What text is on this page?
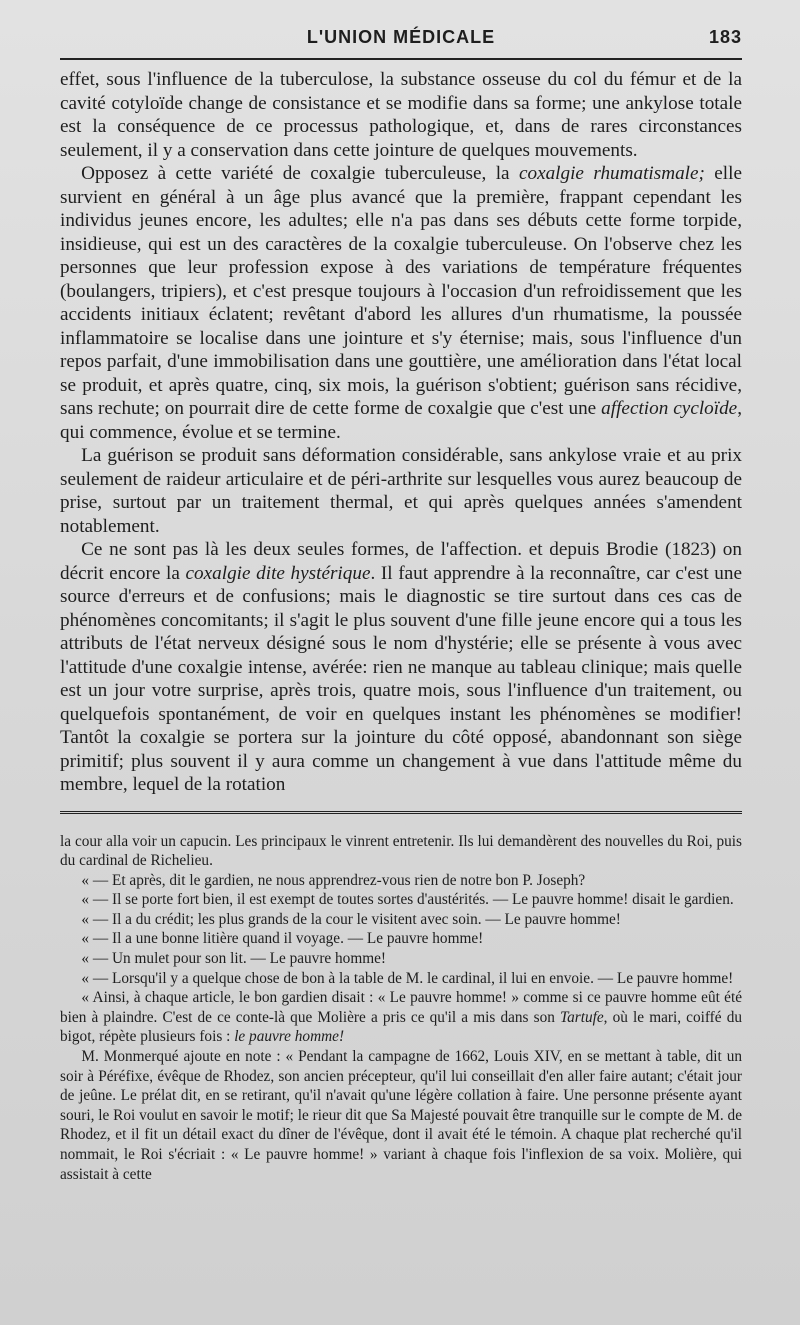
L'UNION MÉDICALE	183

effet, sous l'influence de la tuberculose, la substance osseuse du col du fémur et de la cavité cotyloïde change de consistance et se modifie dans sa forme; une ankylose totale est la conséquence de ce processus pathologique, et, dans de rares circonstances seulement, il y a conservation dans cette jointure de quelques mouvements.

Opposez à cette variété de coxalgie tuberculeuse, la coxalgie rhumatismale; elle survient en général à un âge plus avancé que la première, frappant cependant les individus jeunes encore, les adultes; elle n'a pas dans ses débuts cette forme torpide, insidieuse, qui est un des caractères de la coxalgie tuberculeuse. On l'observe chez les personnes que leur profession expose à des variations de température fréquentes (boulangers, tripiers), et c'est presque toujours à l'occasion d'un refroidissement que les accidents initiaux éclatent; revêtant d'abord les allures d'un rhumatisme, la poussée inflammatoire se localise dans une jointure et s'y éternise; mais, sous l'influence d'un repos parfait, d'une immobilisation dans une gouttière, une amélioration dans l'état local se produit, et après quatre, cinq, six mois, la guérison s'obtient; guérison sans récidive, sans rechute; on pourrait dire de cette forme de coxalgie que c'est une affection cycloïde, qui commence, évolue et se termine.

La guérison se produit sans déformation considérable, sans ankylose vraie et au prix seulement de raideur articulaire et de péri-arthrite sur lesquelles vous aurez beaucoup de prise, surtout par un traitement thermal, et qui après quelques années s'amendent notablement.

Ce ne sont pas là les deux seules formes, de l'affection. et depuis Brodie (1823) on décrit encore la coxalgie dite hystérique. Il faut apprendre à la reconnaître, car c'est une source d'erreurs et de confusions; mais le diagnostic se tire surtout dans ces cas de phénomènes concomitants; il s'agit le plus souvent d'une fille jeune encore qui a tous les attributs de l'état nerveux désigné sous le nom d'hystérie; elle se présente à vous avec l'attitude d'une coxalgie intense, avérée: rien ne manque au tableau clinique; mais quelle est un jour votre surprise, après trois, quatre mois, sous l'influence d'un traitement, ou quelquefois spontanément, de voir en quelques instant les phénomènes se modifier! Tantôt la coxalgie se portera sur la jointure du côté opposé, abandonnant son siège primitif; plus souvent il y aura comme un changement à vue dans l'attitude même du membre, lequel de la rotation

la cour alla voir un capucin. Les principaux le vinrent entretenir. Ils lui demandèrent des nouvelles du Roi, puis du cardinal de Richelieu.

« — Et après, dit le gardien, ne nous apprendrez-vous rien de notre bon P. Joseph?

« — Il se porte fort bien, il est exempt de toutes sortes d'austérités. — Le pauvre homme! disait le gardien.

« — Il a du crédit; les plus grands de la cour le visitent avec soin. — Le pauvre homme!

« — Il a une bonne litière quand il voyage. — Le pauvre homme!

« — Un mulet pour son lit. — Le pauvre homme!

« — Lorsqu'il y a quelque chose de bon à la table de M. le cardinal, il lui en envoie. — Le pauvre homme!

« Ainsi, à chaque article, le bon gardien disait : « Le pauvre homme! » comme si ce pauvre homme eût été bien à plaindre. C'est de ce conte-là que Molière a pris ce qu'il a mis dans son Tartufe, où le mari, coiffé du bigot, répète plusieurs fois : le pauvre homme!

M. Monmerqué ajoute en note : « Pendant la campagne de 1662, Louis XIV, en se mettant à table, dit un soir à Péréfixe, évêque de Rhodez, son ancien précepteur, qu'il lui conseillait d'en aller faire autant; c'était jour de jeûne. Le prélat dit, en se retirant, qu'il n'avait qu'une légère collation à faire. Une personne présente ayant souri, le Roi voulut en savoir le motif; le rieur dit que Sa Majesté pouvait être tranquille sur le compte de M. de Rhodez, et il fit un détail exact du dîner de l'évêque, dont il avait été le témoin. A chaque plat recherché qu'il nommait, le Roi s'écriait : « Le pauvre homme! » variant à chaque fois l'inflexion de sa voix. Molière, qui assistait à cette
